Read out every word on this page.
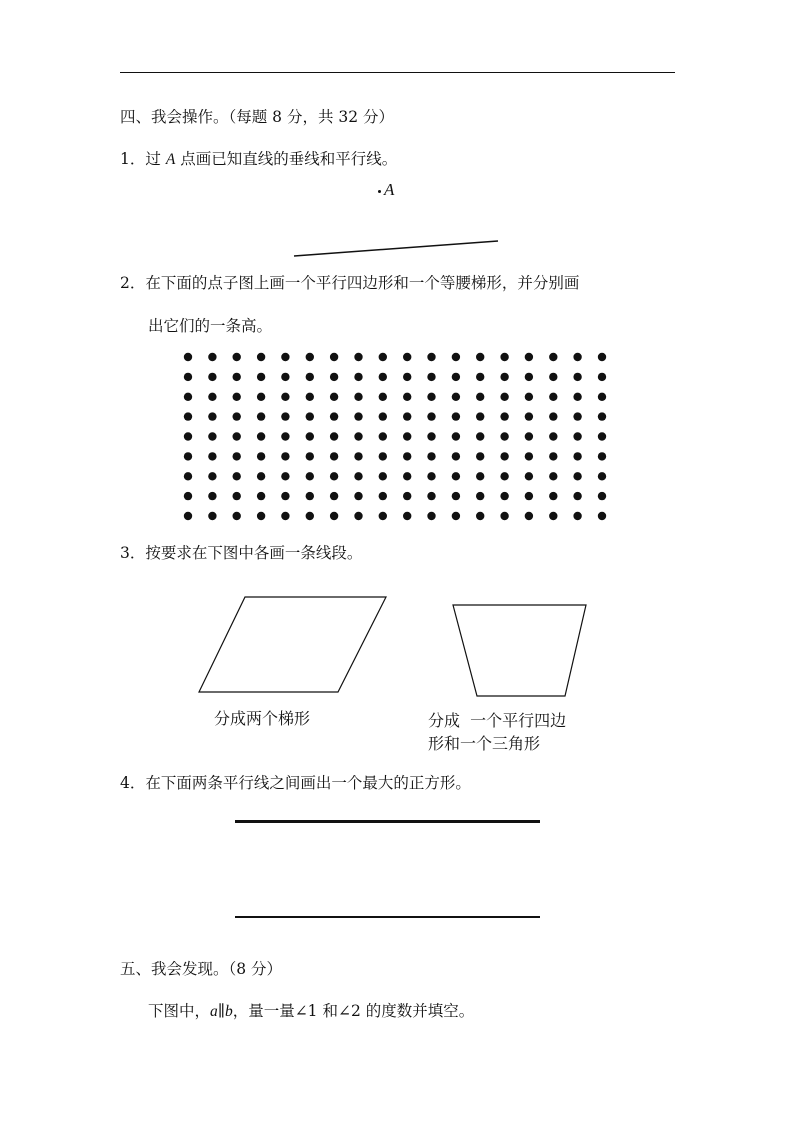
四、我会操作。（每题 8 分，共 32 分）
1．过 A 点画已知直线的垂线和平行线。
A
2．在下面的点子图上画一个平行四边形和一个等腰梯形，并分别画
出它们的一条高。
3．按要求在下图中各画一条线段。
分成两个梯形	分成  一个平行四边
形和一个三角形
4．在下面两条平行线之间画出一个最大的正方形。
五、我会发现。（8 分）
下图中，a∥b，量一量∠1 和∠2 的度数并填空。
